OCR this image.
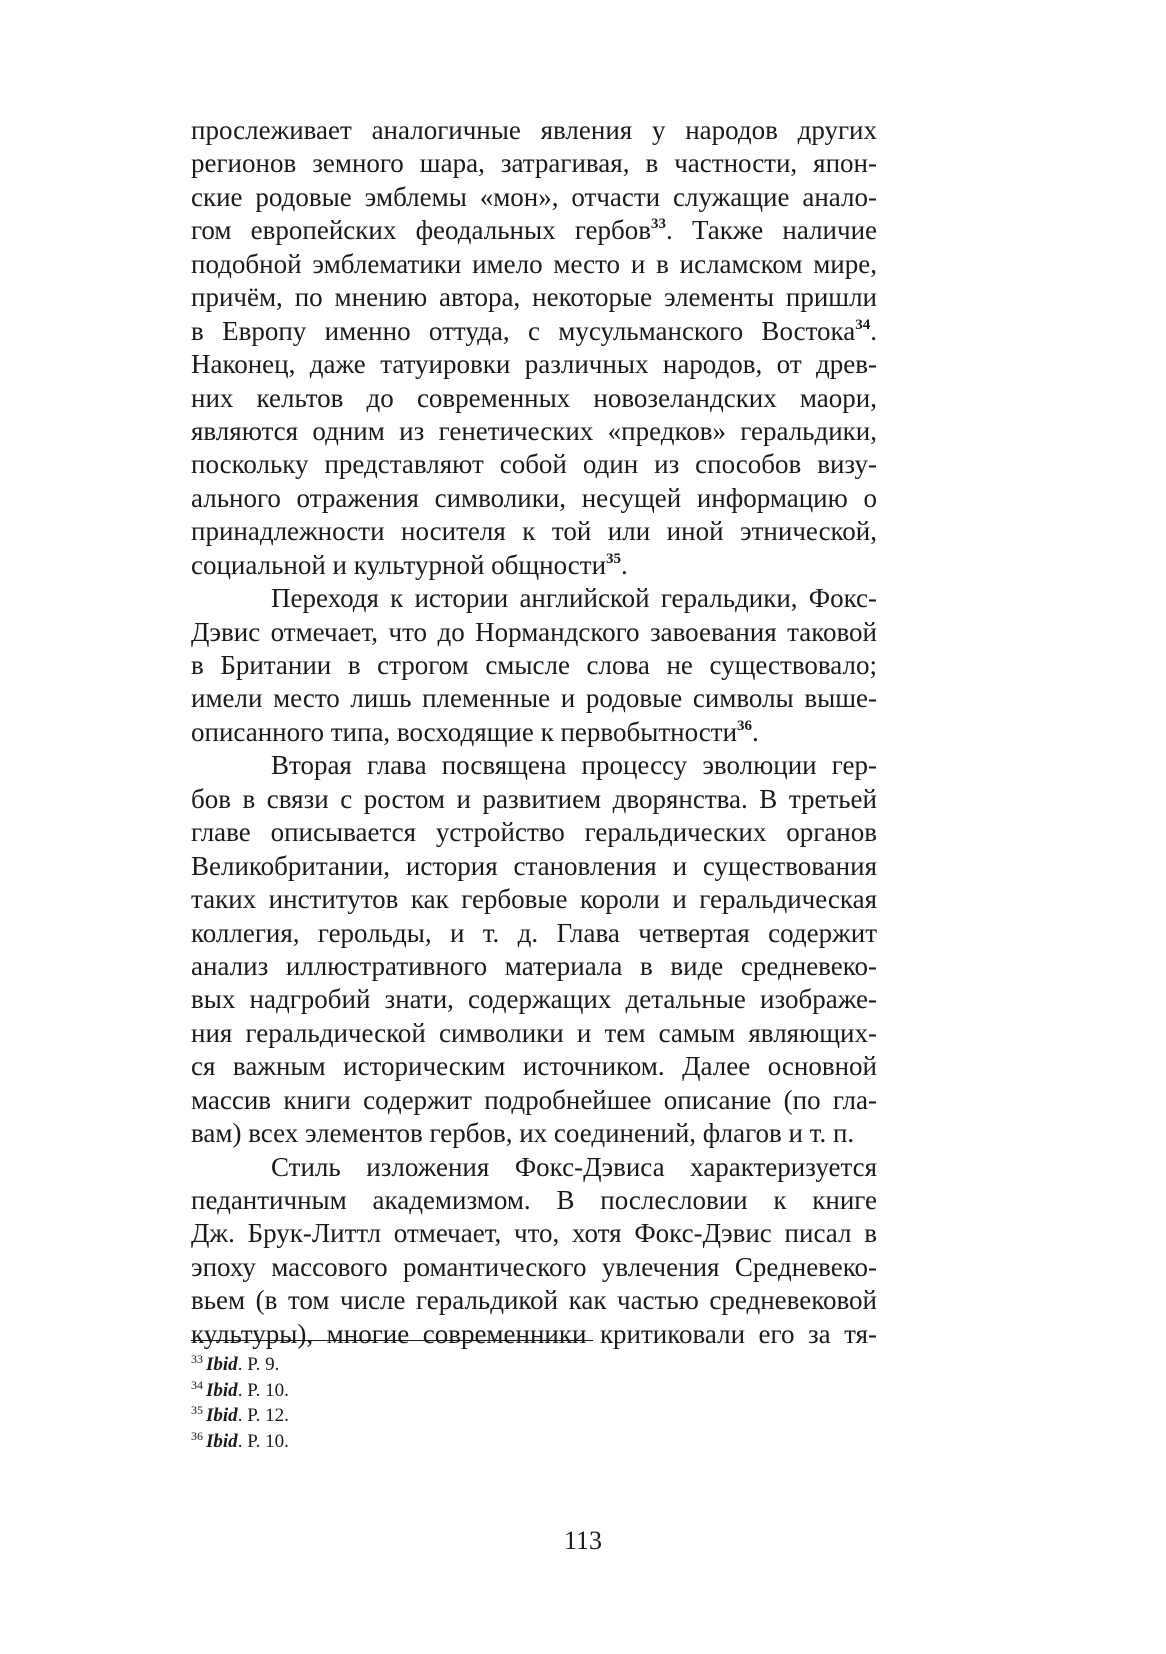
прослеживает аналогичные явления у народов других
регионов земного шара, затрагивая, в частности, япон-
ские родовые эмблемы «мон», отчасти служащие анало-
гом европейских феодальных гербов$^{33}$. Также наличие
подобной эмблематики имело место и в исламском мире,
причём, по мнению автора, некоторые элементы пришли
в Европу именно оттуда, с мусульманского Востока$^{34}$.
Наконец, даже татуировки различных народов, от древ-
них кельтов до современных новозеландских маори,
являются одним из генетических «предков» геральдики,
поскольку представляют собой один из способов визу-
ального отражения символики, несущей информацию о
принадлежности носителя к той или иной этнической,
социальной и культурной общности$^{35}$.
Переходя к истории английской геральдики, Фокс-
Дэвис отмечает, что до Нормандского завоевания таковой
в Британии в строгом смысле слова не существовало;
имели место лишь племенные и родовые символы выше-
описанного типа, восходящие к первобытности$^{36}$.
Вторая глава посвящена процессу эволюции гер-
бов в связи с ростом и развитием дворянства. В третьей
главе описывается устройство геральдических органов
Великобритании, история становления и существования
таких институтов как гербовые короли и геральдическая
коллегия, герольды, и т. д. Глава четвертая содержит
анализ иллюстративного материала в виде средневеко-
вых надгробий знати, содержащих детальные изображе-
ния геральдической символики и тем самым являющих-
ся важным историческим источником. Далее основной
массив книги содержит подробнейшее описание (по гла-
вам) всех элементов гербов, их соединений, флагов и т. п.
Стиль изложения Фокс-Дэвиса характеризуется
педантичным академизмом. В послесловии к книге
Дж. Брук-Литтл отмечает, что, хотя Фокс-Дэвис писал в
эпоху массового романтического увлечения Средневеко-
вьем (в том числе геральдикой как частью средневековой
культуры), многие современники критиковали его за тя-
$^{33}$ Ibid. P. 9.
$^{34}$ Ibid. P. 10.
$^{35}$ Ibid. P. 12.
$^{36}$ Ibid. P. 10.
113
